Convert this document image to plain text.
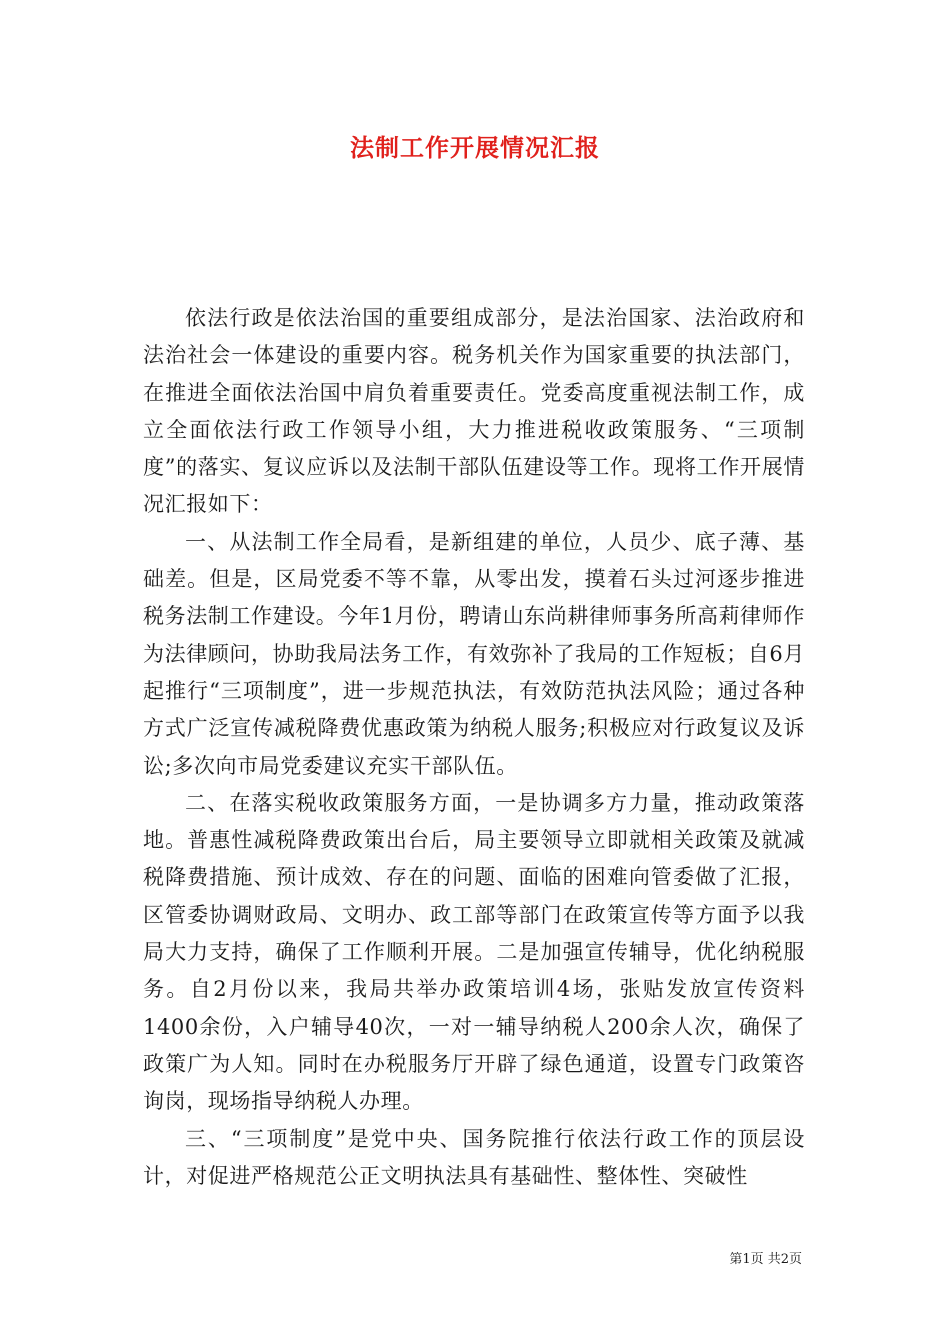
法制工作开展情况汇报

依法行政是依法治国的重要组成部分，是法治国家、法治政府和法治社会一体建设的重要内容。税务机关作为国家重要的执法部门，在推进全面依法治国中肩负着重要责任。党委高度重视法制工作，成立全面依法行政工作领导小组，大力推进税收政策服务、“三项制度”的落实、复议应诉以及法制干部队伍建设等工作。现将工作开展情况汇报如下：

一、从法制工作全局看，是新组建的单位，人员少、底子薄、基础差。但是，区局党委不等不靠，从零出发，摸着石头过河逐步推进税务法制工作建设。今年1月份，聘请山东尚耕律师事务所高莉律师作为法律顾问，协助我局法务工作，有效弥补了我局的工作短板；自6月起推行“三项制度”，进一步规范执法，有效防范执法风险；通过各种方式广泛宣传减税降费优惠政策为纳税人服务;积极应对行政复议及诉讼;多次向市局党委建议充实干部队伍。

二、在落实税收政策服务方面，一是协调多方力量，推动政策落地。普惠性减税降费政策出台后，局主要领导立即就相关政策及就减税降费措施、预计成效、存在的问题、面临的困难向管委做了汇报，区管委协调财政局、文明办、政工部等部门在政策宣传等方面予以我局大力支持，确保了工作顺利开展。二是加强宣传辅导，优化纳税服务。自2月份以来，我局共举办政策培训4场，张贴发放宣传资料1400余份，入户辅导40次，一对一辅导纳税人200余人次，确保了政策广为人知。同时在办税服务厅开辟了绿色通道，设置专门政策咨询岗，现场指导纳税人办理。

三、“三项制度”是党中央、国务院推行依法行政工作的顶层设计，对促进严格规范公正文明执法具有基础性、整体性、突破性

第1页 共2页
